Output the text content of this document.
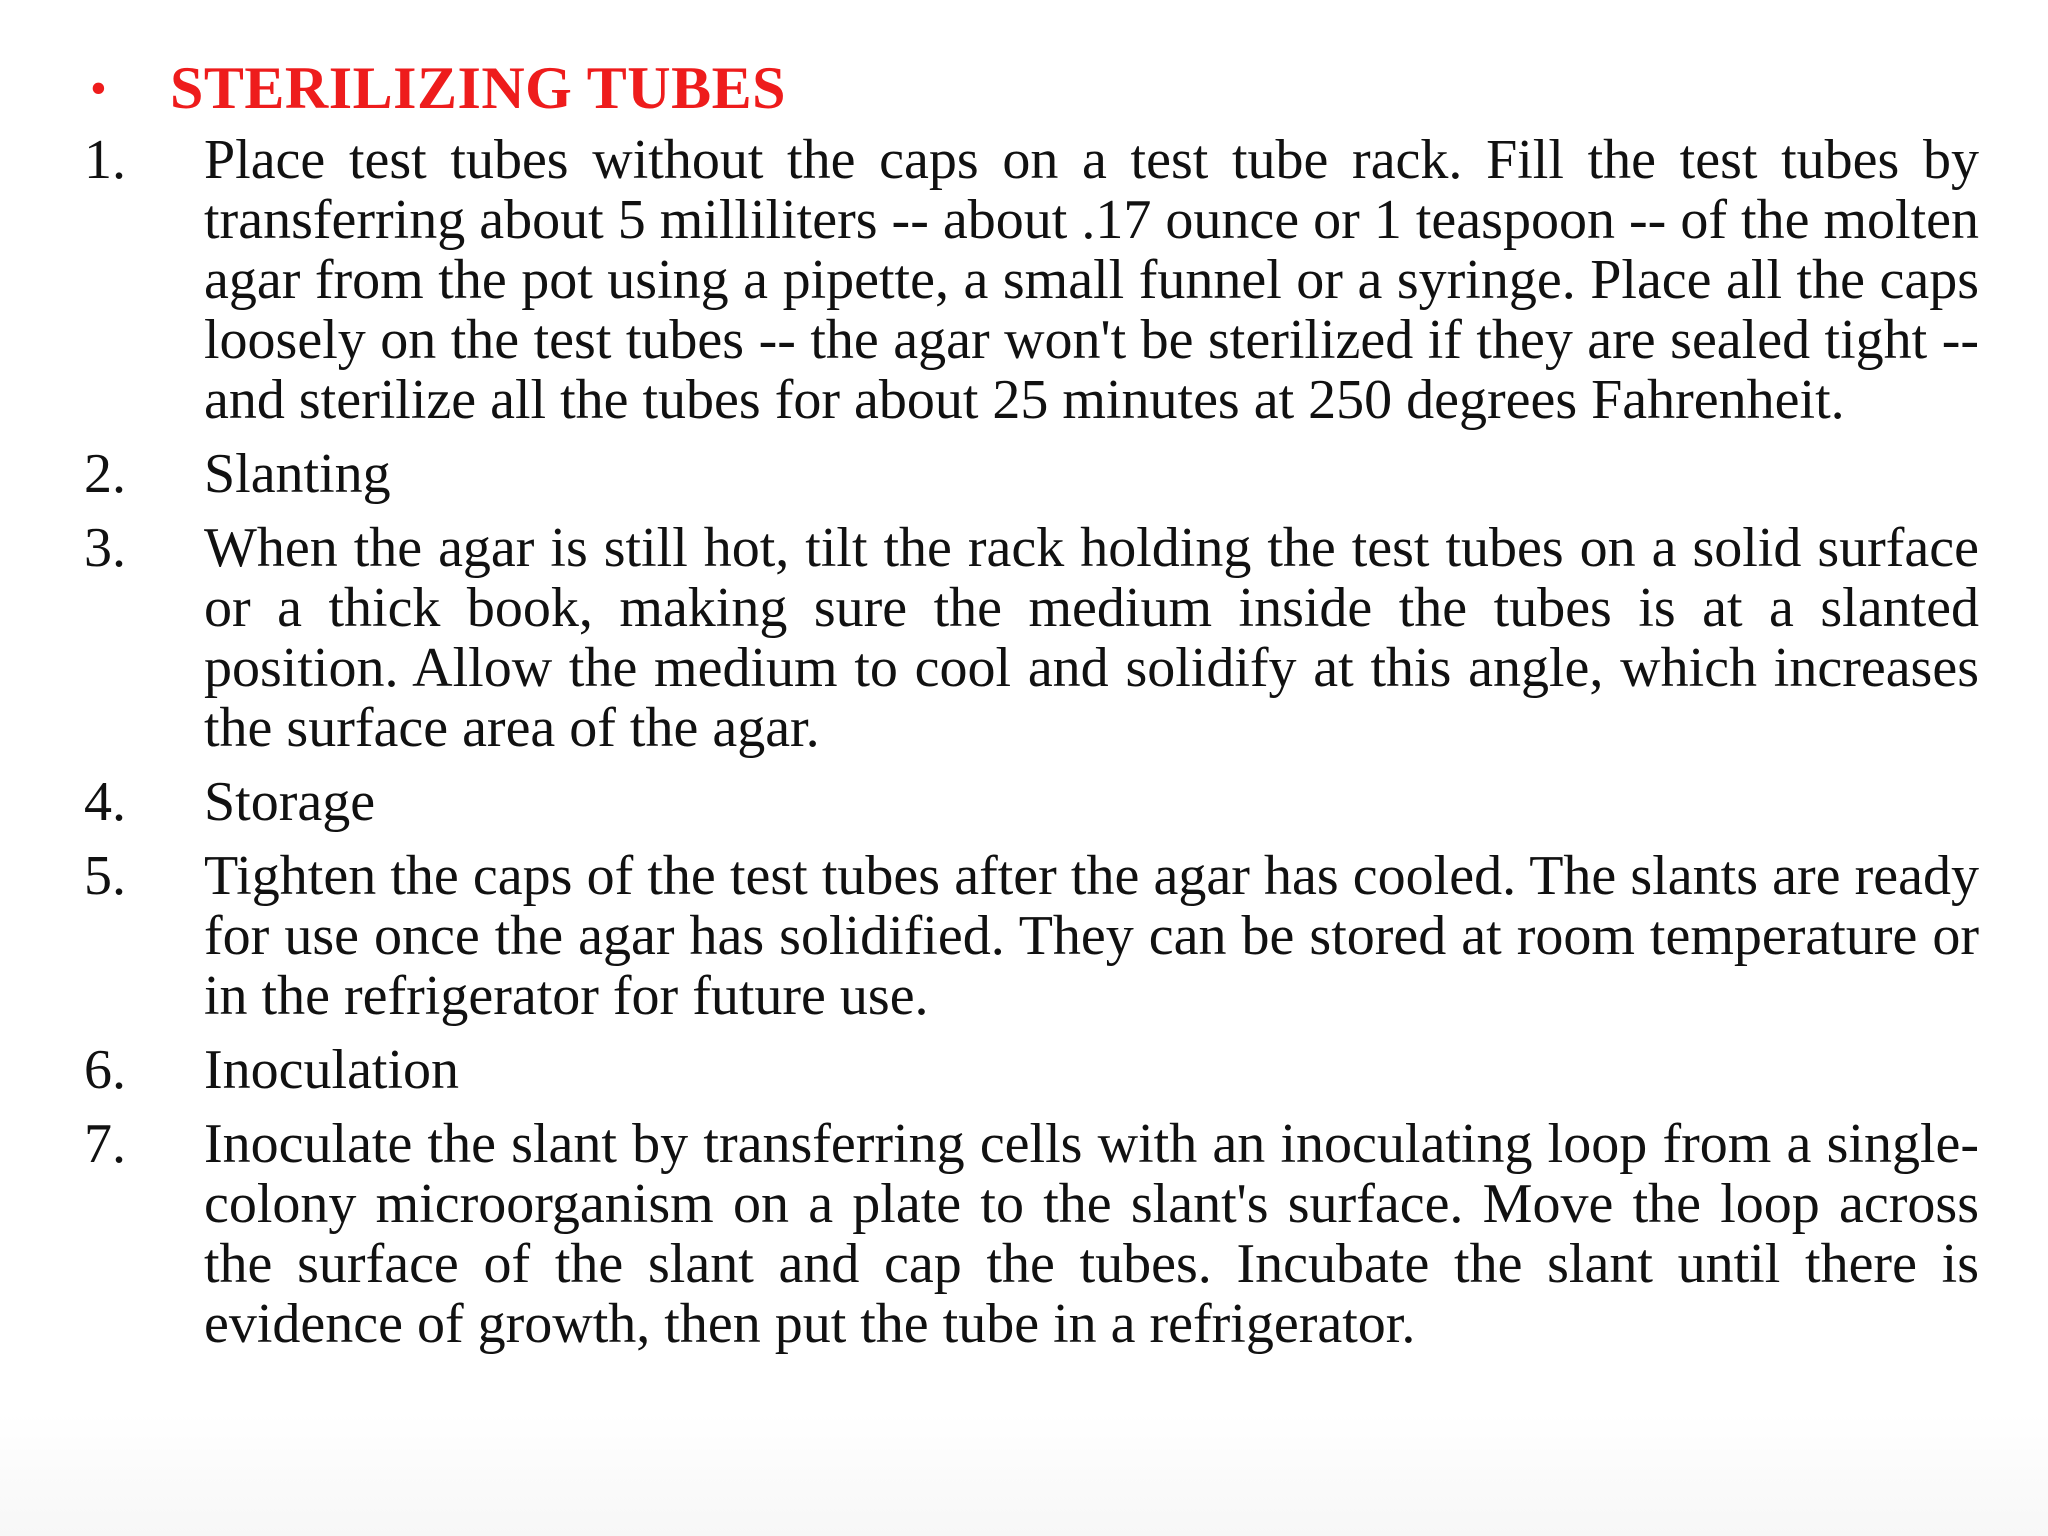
•	STERILIZING TUBES
1.	Place test tubes without the caps on a test tube rack. Fill the test tubes by transferring about 5 milliliters -- about .17 ounce or 1 teaspoon -- of the molten agar from the pot using a pipette, a small funnel or a syringe. Place all the caps loosely on the test tubes -- the agar won't be sterilized if they are sealed tight -- and sterilize all the tubes for about 25 minutes at 250 degrees Fahrenheit.
2.	Slanting
3.	When the agar is still hot, tilt the rack holding the test tubes on a solid surface or a thick book, making sure the medium inside the tubes is at a slanted position. Allow the medium to cool and solidify at this angle, which increases the surface area of the agar.
4.	Storage
5.	Tighten the caps of the test tubes after the agar has cooled. The slants are ready for use once the agar has solidified. They can be stored at room temperature or in the refrigerator for future use.
6.	Inoculation
7.	Inoculate the slant by transferring cells with an inoculating loop from a single-colony microorganism on a plate to the slant's surface. Move the loop across the surface of the slant and cap the tubes. Incubate the slant until there is evidence of growth, then put the tube in a refrigerator.
